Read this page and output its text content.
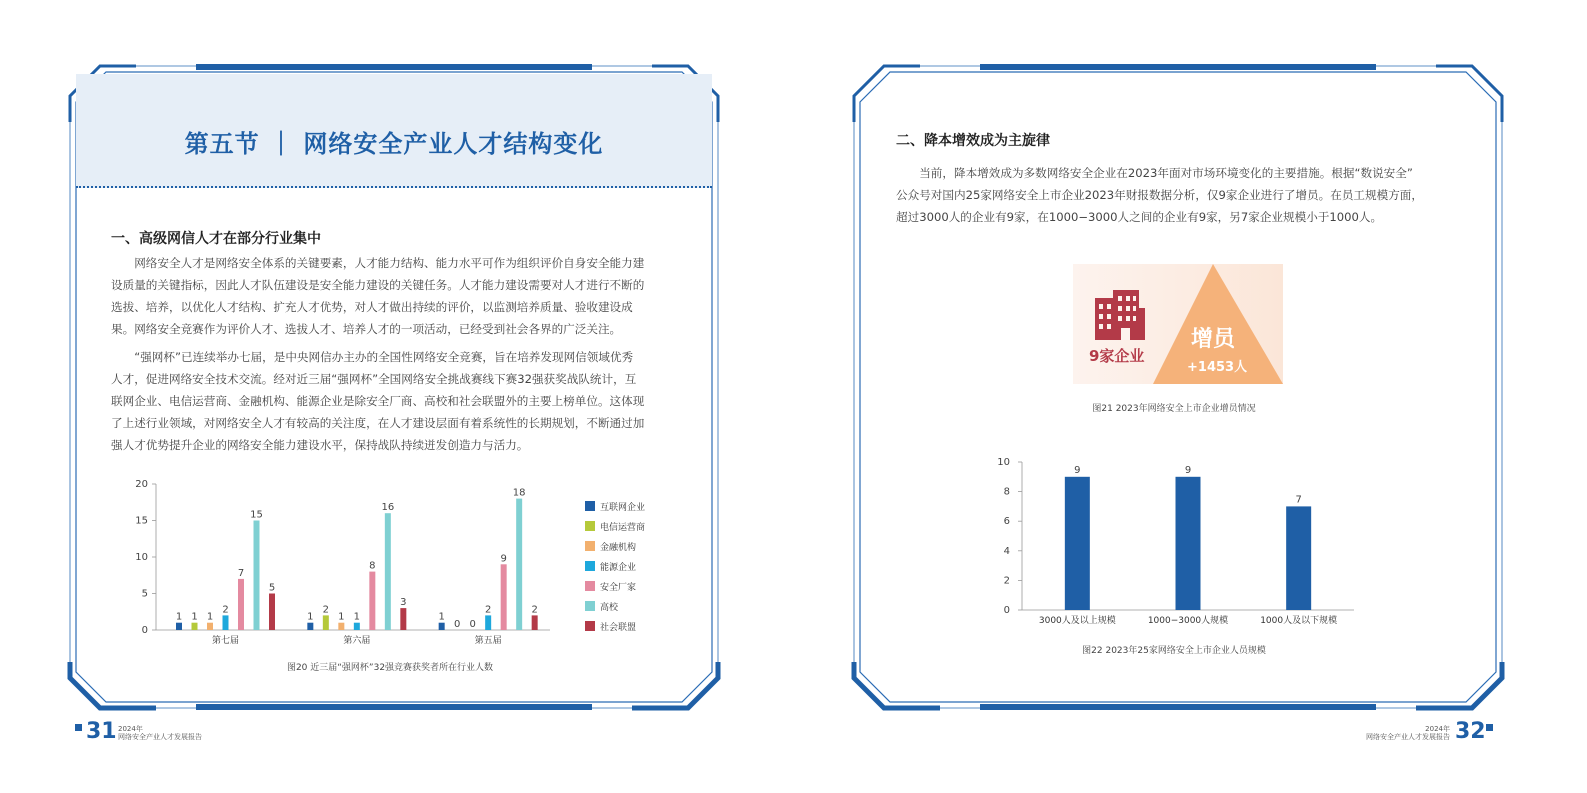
第五节 ｜ 网络安全产业人才结构变化
一、高级网信人才在部分行业集中
网络安全人才是网络安全体系的关键要素，人才能力结构、能力水平可作为组织评价自身安全能力建
设质量的关键指标，因此人才队伍建设是安全能力建设的关键任务。人才能力建设需要对人才进行不断的
选拔、培养，以优化人才结构、扩充人才优势，对人才做出持续的评价，以监测培养质量、验收建设成
果。网络安全竞赛作为评价人才、选拔人才、培养人才的一项活动，已经受到社会各界的广泛关注。
“强网杯”已连续举办七届，是中央网信办主办的全国性网络安全竞赛，旨在培养发现网信领域优秀
人才，促进网络安全技术交流。经对近三届“强网杯”全国网络安全挑战赛线下赛32强获奖战队统计，互
联网企业、电信运营商、金融机构、能源企业是除安全厂商、高校和社会联盟外的主要上榜单位。这体现
了上述行业领域，对网络安全人才有较高的关注度，在人才建设层面有着系统性的长期规划，不断通过加
强人才优势提升企业的网络安全能力建设水平，保持战队持续迸发创造力与活力。
0
5
10
15
20
1 1 1
2
7
15
5
第七届
1
2
1 1
8
16
3
第六届
1
0 0
2
9
18
2
第五届
互联网企业
电信运营商
金融机构
能源企业
安全厂家
高校
社会联盟
图20 近三届“强网杯”32强竞赛获奖者所在行业人数
31 2024年
网络安全产业人才发展报告
二、降本增效成为主旋律
当前，降本增效成为多数网络安全企业在2023年面对市场环境变化的主要措施。根据“数说安全”
公众号对国内25家网络安全上市企业2023年财报数据分析，仅9家企业进行了增员。在员工规模方面，
超过3000人的企业有9家，在1000−3000人之间的企业有9家，另7家企业规模小于1000人。
9家企业
增员
+1453人
图21 2023年网络安全上市企业增员情况
0
2
4
6
8
10
9
3000人及以上规模
9
1000−3000人规模
7
1000人及以下规模
图22 2023年25家网络安全上市企业人员规模
2024年
网络安全产业人才发展报告 32
